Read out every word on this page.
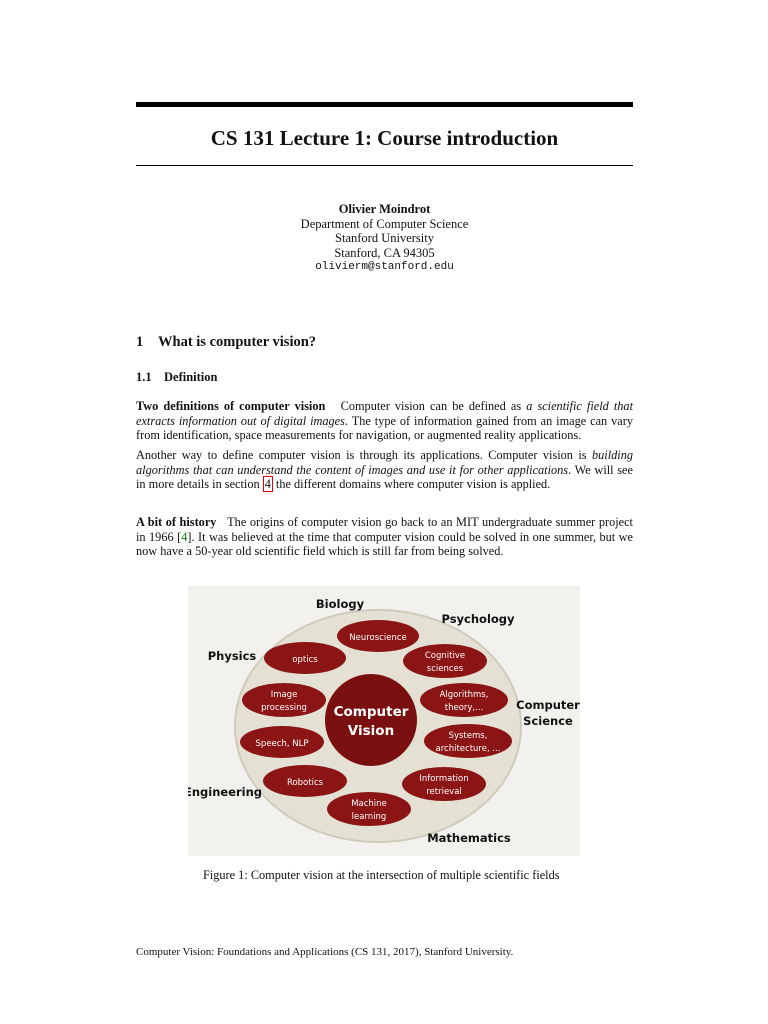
CS 131 Lecture 1: Course introduction
Olivier Moindrot
Department of Computer Science
Stanford University
Stanford, CA 94305
olivierm@stanford.edu
1 What is computer vision?
1.1 Definition
Two definitions of computer vision Computer vision can be defined as a scientific field that extracts information out of digital images. The type of information gained from an image can vary from identification, space measurements for navigation, or augmented reality applications.
Another way to define computer vision is through its applications. Computer vision is building algorithms that can understand the content of images and use it for other applications. We will see in more details in section 4 the different domains where computer vision is applied.
A bit of history The origins of computer vision go back to an MIT undergraduate summer project in 1966 [4]. It was believed at the time that computer vision could be solved in one summer, but we now have a 50-year old scientific field which is still far from being solved.
Biology
Psychology
Physics
Computer
Science
Engineering
Mathematics
Computer
Vision
Neuroscience
optics	Cognitive
sciences
Image
processing
Algorithms,
theory,...
Speech, NLP
Systems,
architecture, ...
Robotics	Information
retrieval
Machine
learning
Figure 1: Computer vision at the intersection of multiple scientific fields
Computer Vision: Foundations and Applications (CS 131, 2017), Stanford University.
